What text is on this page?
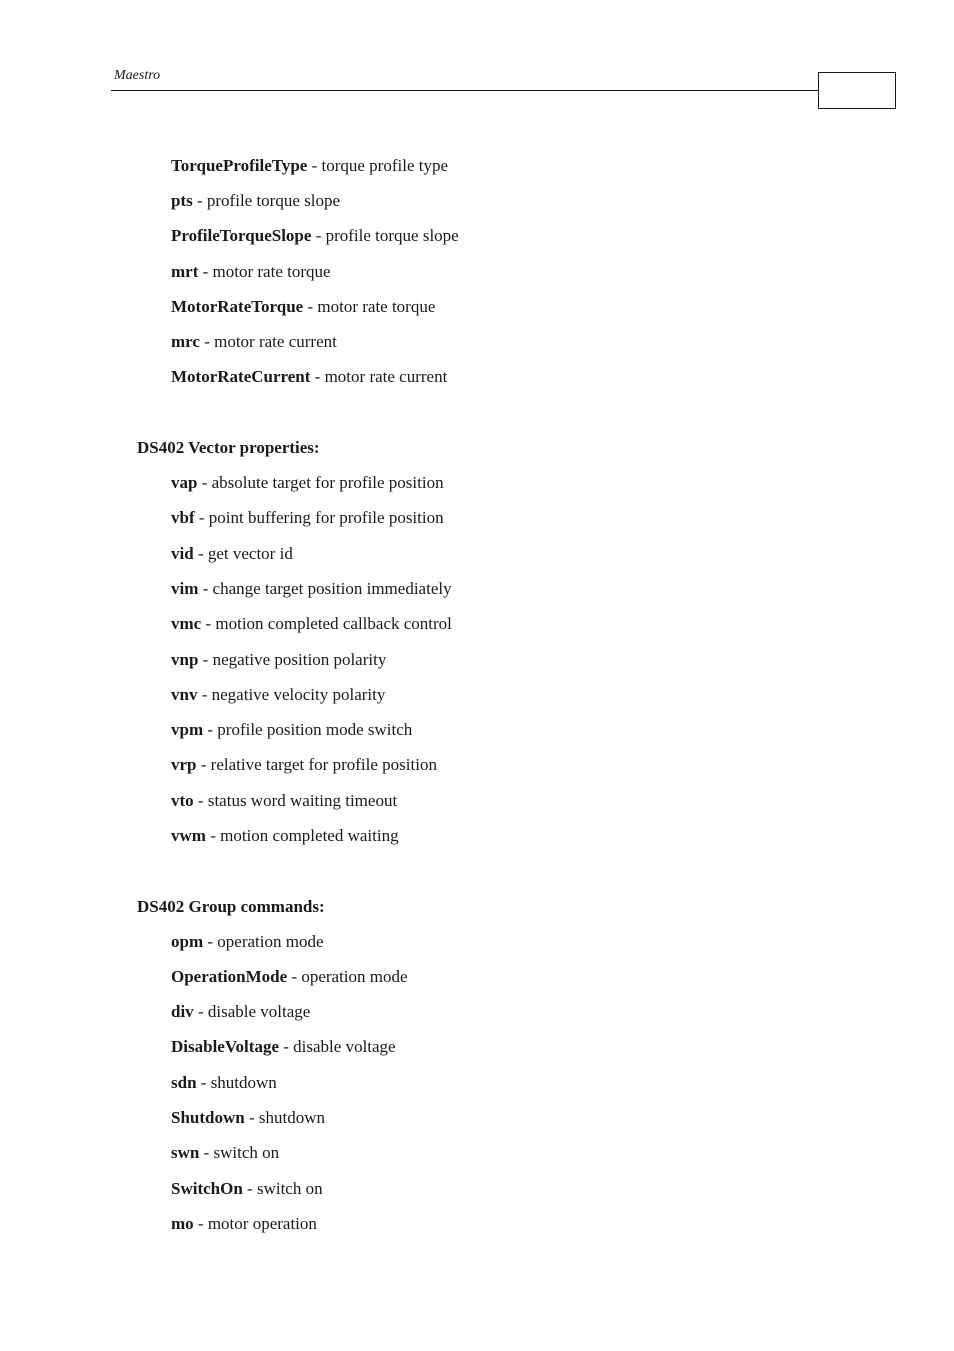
Maestro
TorqueProfileType - torque profile type
pts - profile torque slope
ProfileTorqueSlope - profile torque slope
mrt - motor rate torque
MotorRateTorque - motor rate torque
mrc - motor rate current
MotorRateCurrent - motor rate current
DS402 Vector properties:
vap - absolute target for profile position
vbf - point buffering for profile position
vid - get vector id
vim - change target position immediately
vmc - motion completed callback control
vnp - negative position polarity
vnv - negative velocity polarity
vpm - profile position mode switch
vrp - relative target for profile position
vto - status word waiting timeout
vwm - motion completed waiting
DS402 Group commands:
opm - operation mode
OperationMode - operation mode
div - disable voltage
DisableVoltage - disable voltage
sdn - shutdown
Shutdown - shutdown
swn - switch on
SwitchOn - switch on
mo - motor operation
